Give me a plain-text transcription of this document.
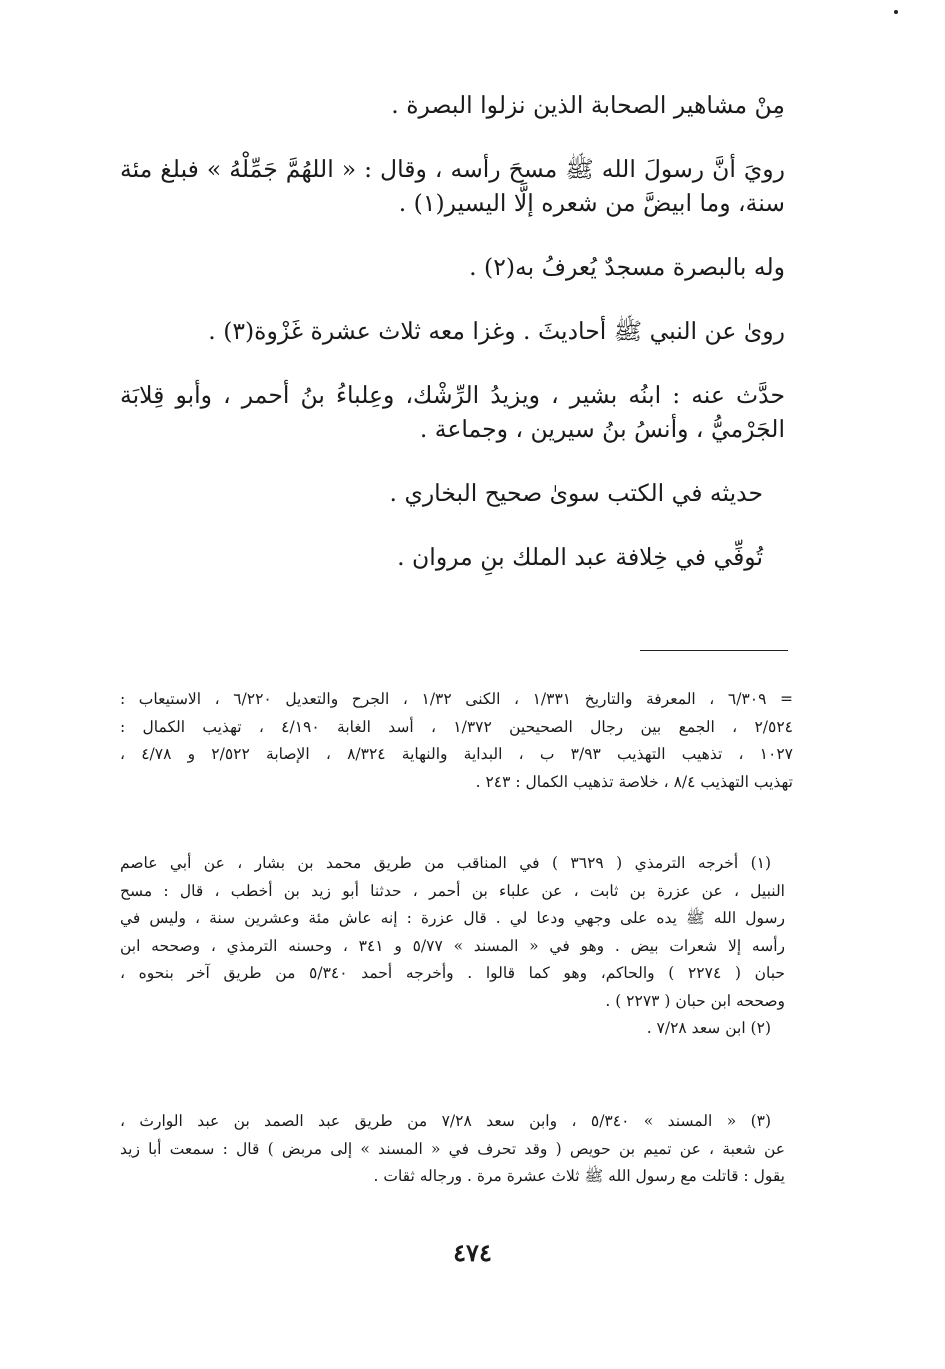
مِنْ مشاهير الصحابة الذين نزلوا البصرة .
رويَ أنَّ رسولَ الله ﷺ مسحَ رأسه ، وقال : « اللهُمَّ جَمِّلْهُ » فبلغ مئة
سنة، وما ابيضَّ من شعره إلَّا اليسير(١) .
وله بالبصرة مسجدٌ يُعرفُ به(٢) .
روىٰ عن النبي ﷺ أحاديثَ . وغزا معه ثلاث عشرة غَزْوة(٣) .
حدَّث عنه : ابنُه بشير ، ويزيدُ الرِّشْك، وعِلباءُ بنُ أحمر ، وأبو قِلابَة
الجَرْميُّ ، وأنسُ بنُ سيرين ، وجماعة .
حديثه في الكتب سوىٰ صحيح البخاري .
تُوفِّي في خِلافة عبد الملك بنِ مروان .
= ٦/٣٠٩ ، المعرفة والتاريخ ١/٣٣١ ، الكنى ١/٣٢ ، الجرح والتعديل ٦/٢٢٠ ، الاستيعاب :
٢/٥٢٤ ، الجمع بين رجال الصحيحين ١/٣٧٢ ، أسد الغابة ٤/١٩٠ ، تهذيب الكمال :
١٠٢٧ ، تذهيب التهذيب ٣/٩٣ ب ، البداية والنهاية ٨/٣٢٤ ، الإصابة ٢/٥٢٢ و ٤/٧٨ ،
تهذيب التهذيب ٨/٤ ، خلاصة تذهيب الكمال : ٢٤٣ .
(١) أخرجه الترمذي ( ٣٦٢٩ ) في المناقب من طريق محمد بن بشار ، عن أبي عاصم
النبيل ، عن عزرة بن ثابت ، عن علباء بن أحمر ، حدثنا أبو زيد بن أخطب ، قال : مسح
رسول الله ﷺ يده على وجهي ودعا لي . قال عزرة : إنه عاش مئة وعشرين سنة ، وليس في
رأسه إلا شعرات بيض . وهو في « المسند » ٥/٧٧ و ٣٤١ ، وحسنه الترمذي ، وصححه ابن
حبان ( ٢٢٧٤ ) والحاكم، وهو كما قالوا . وأخرجه أحمد ٥/٣٤٠ من طريق آخر بنحوه ،
وصححه ابن حبان ( ٢٢٧٣ ) .
(٢) ابن سعد ٧/٢٨ .
(٣) « المسند » ٥/٣٤٠ ، وابن سعد ٧/٢٨ من طريق عبد الصمد بن عبد الوارث ،
عن شعبة ، عن تميم بن حويص ( وقد تحرف في « المسند » إلى مربض ) قال : سمعت أبا زيد
يقول : قاتلت مع رسول الله ﷺ ثلاث عشرة مرة . ورجاله ثقات .
٤٧٤
